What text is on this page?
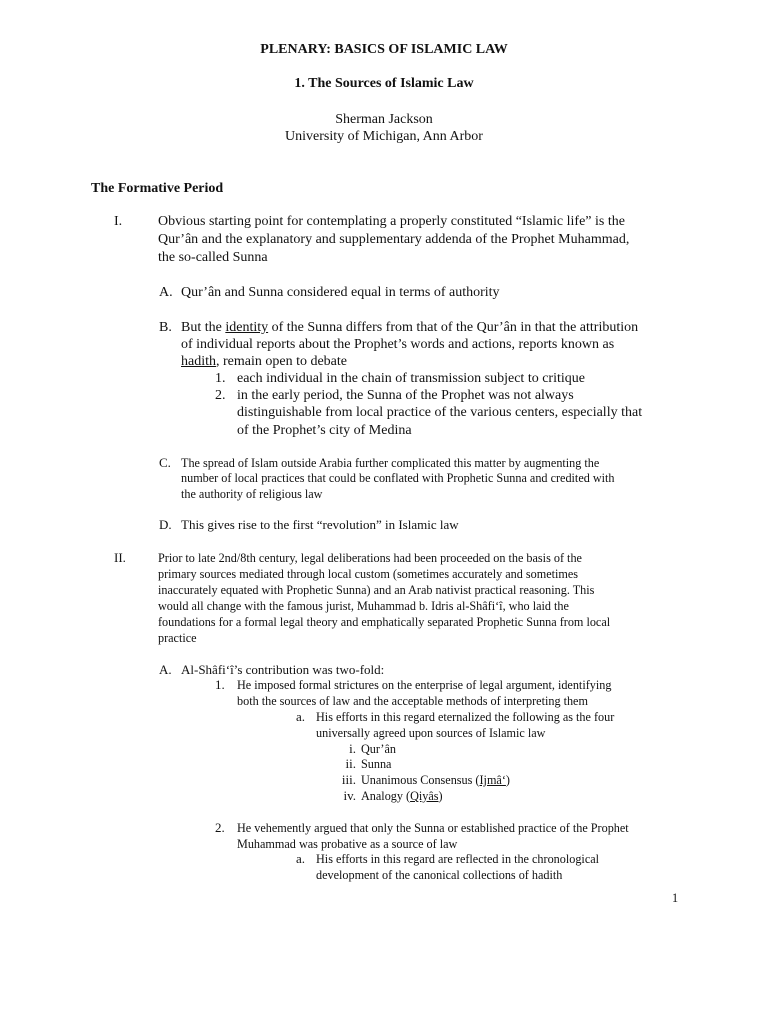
PLENARY: BASICS OF ISLAMIC LAW
1. The Sources of Islamic Law
Sherman Jackson
University of Michigan, Ann Arbor
The Formative Period
I.	Obvious starting point for contemplating a properly constituted “Islamic life” is the
Qur’ân and the explanatory and supplementary addenda of the Prophet Muhammad,
the so-called Sunna
A. Qur’ân and Sunna considered equal in terms of authority
B. But the identity of the Sunna differs from that of the Qur’ân in that the attribution
of individual reports about the Prophet’s words and actions, reports known as
hadith, remain open to debate
1. each individual in the chain of transmission subject to critique
2. in the early period, the Sunna of the Prophet was not always
distinguishable from local practice of the various centers, especially that
of the Prophet’s city of Medina
C. The spread of Islam outside Arabia further complicated this matter by augmenting the
number of local practices that could be conflated with Prophetic Sunna and credited with
the authority of religious law
D. This gives rise to the first “revolution” in Islamic law
II.	Prior to late 2nd/8th century, legal deliberations had been proceeded on the basis of the
primary sources mediated through local custom (sometimes accurately and sometimes
inaccurately equated with Prophetic Sunna) and an Arab nativist practical reasoning. This
would all change with the famous jurist, Muhammad b. Idris al-Shâfi‘î, who laid the
foundations for a formal legal theory and emphatically separated Prophetic Sunna from local
practice
A. Al-Shâfi‘î’s contribution was two-fold:
1. He imposed formal strictures on the enterprise of legal argument, identifying
both the sources of law and the acceptable methods of interpreting them
a. His efforts in this regard eternalized the following as the four
universally agreed upon sources of Islamic law
i. Qur’ân
ii. Sunna
iii. Unanimous Consensus (Ijmâ‘)
iv. Analogy (Qiyâs)
2. He vehemently argued that only the Sunna or established practice of the Prophet
Muhammad was probative as a source of law
a. His efforts in this regard are reflected in the chronological
development of the canonical collections of hadith
1
